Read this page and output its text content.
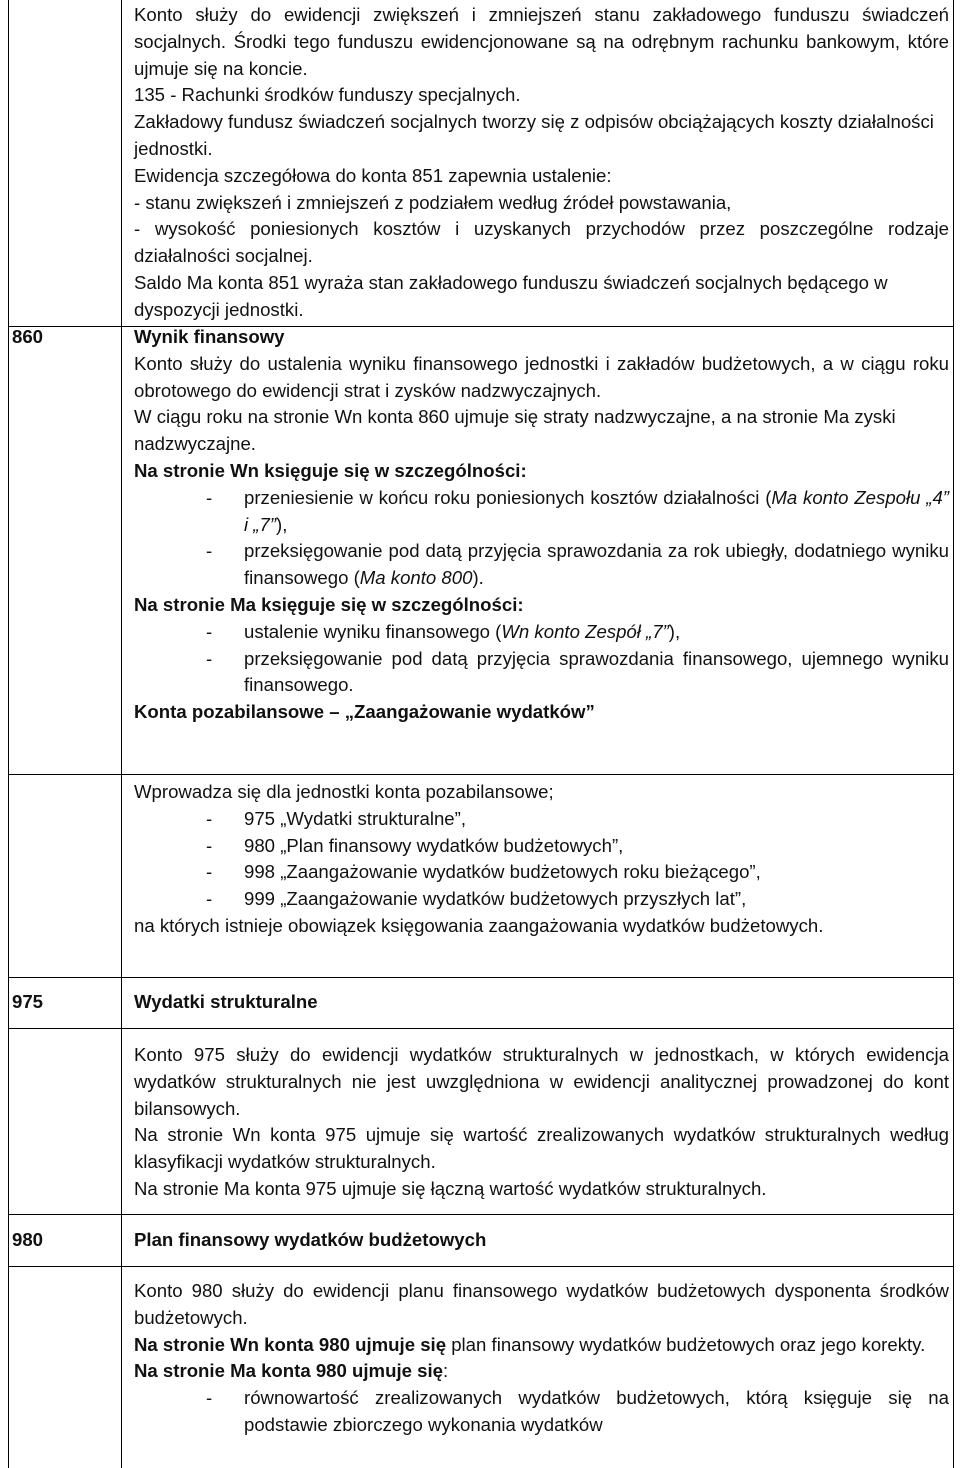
Konto służy do ewidencji zwiększeń i zmniejszeń stanu zakładowego funduszu świadczeń socjalnych. Środki tego funduszu ewidencjonowane są na odrębnym rachunku bankowym, które ujmuje się na koncie.

135 - Rachunki środków funduszy specjalnych.

Zakładowy fundusz świadczeń socjalnych tworzy się z odpisów obciążających koszty działalności jednostki.

Ewidencja szczegółowa do konta 851 zapewnia ustalenie:

- stanu zwiększeń i zmniejszeń z podziałem według źródeł powstawania,

- wysokość poniesionych kosztów i uzyskanych przychodów przez poszczególne rodzaje działalności socjalnej.

Saldo Ma konta 851 wyraża stan zakładowego funduszu świadczeń socjalnych będącego w dyspozycji jednostki.

860	Wynik finansowy

Konto służy do ustalenia wyniku finansowego jednostki i zakładów budżetowych, a w ciągu roku obrotowego do ewidencji strat i zysków nadzwyczajnych.

W ciągu roku na stronie Wn konta 860 ujmuje się straty nadzwyczajne, a na stronie Ma zyski nadzwyczajne.

Na stronie Wn księguje się w szczególności:

-	przeniesienie w końcu roku poniesionych kosztów działalności (Ma konto Zespołu „4” i „7”),
-	przeksięgowanie pod datą przyjęcia sprawozdania za rok ubiegły, dodatniego wyniku finansowego (Ma konto 800).

Na stronie Ma księguje się w szczególności:

-	ustalenie wyniku finansowego (Wn konto Zespół „7”),
-	przeksięgowanie pod datą przyjęcia sprawozdania finansowego, ujemnego wyniku finansowego.

Konta pozabilansowe – „Zaangażowanie wydatków”

Wprowadza się dla jednostki konta pozabilansowe;

-	975 „Wydatki strukturalne”,
-	980 „Plan finansowy wydatków budżetowych”,
-	998 „Zaangażowanie wydatków budżetowych roku bieżącego”,
-	999 „Zaangażowanie wydatków budżetowych przyszłych lat”,

na których istnieje obowiązek księgowania zaangażowania wydatków budżetowych.

975	Wydatki strukturalne

Konto 975 służy do ewidencji wydatków strukturalnych w jednostkach, w których ewidencja wydatków strukturalnych nie jest uwzględniona w ewidencji analitycznej prowadzonej do kont bilansowych.

Na stronie Wn konta 975 ujmuje się wartość zrealizowanych wydatków strukturalnych według klasyfikacji wydatków strukturalnych.

Na stronie Ma konta 975 ujmuje się łączną wartość wydatków strukturalnych.

980	Plan finansowy wydatków budżetowych

Konto 980 służy do ewidencji planu finansowego wydatków budżetowych dysponenta środków budżetowych.

Na stronie Wn konta 980 ujmuje się plan finansowy wydatków budżetowych oraz jego korekty.

Na stronie Ma konta 980 ujmuje się:

-	równowartość zrealizowanych wydatków budżetowych, którą księguje się na podstawie zbiorczego wykonania wydatków
